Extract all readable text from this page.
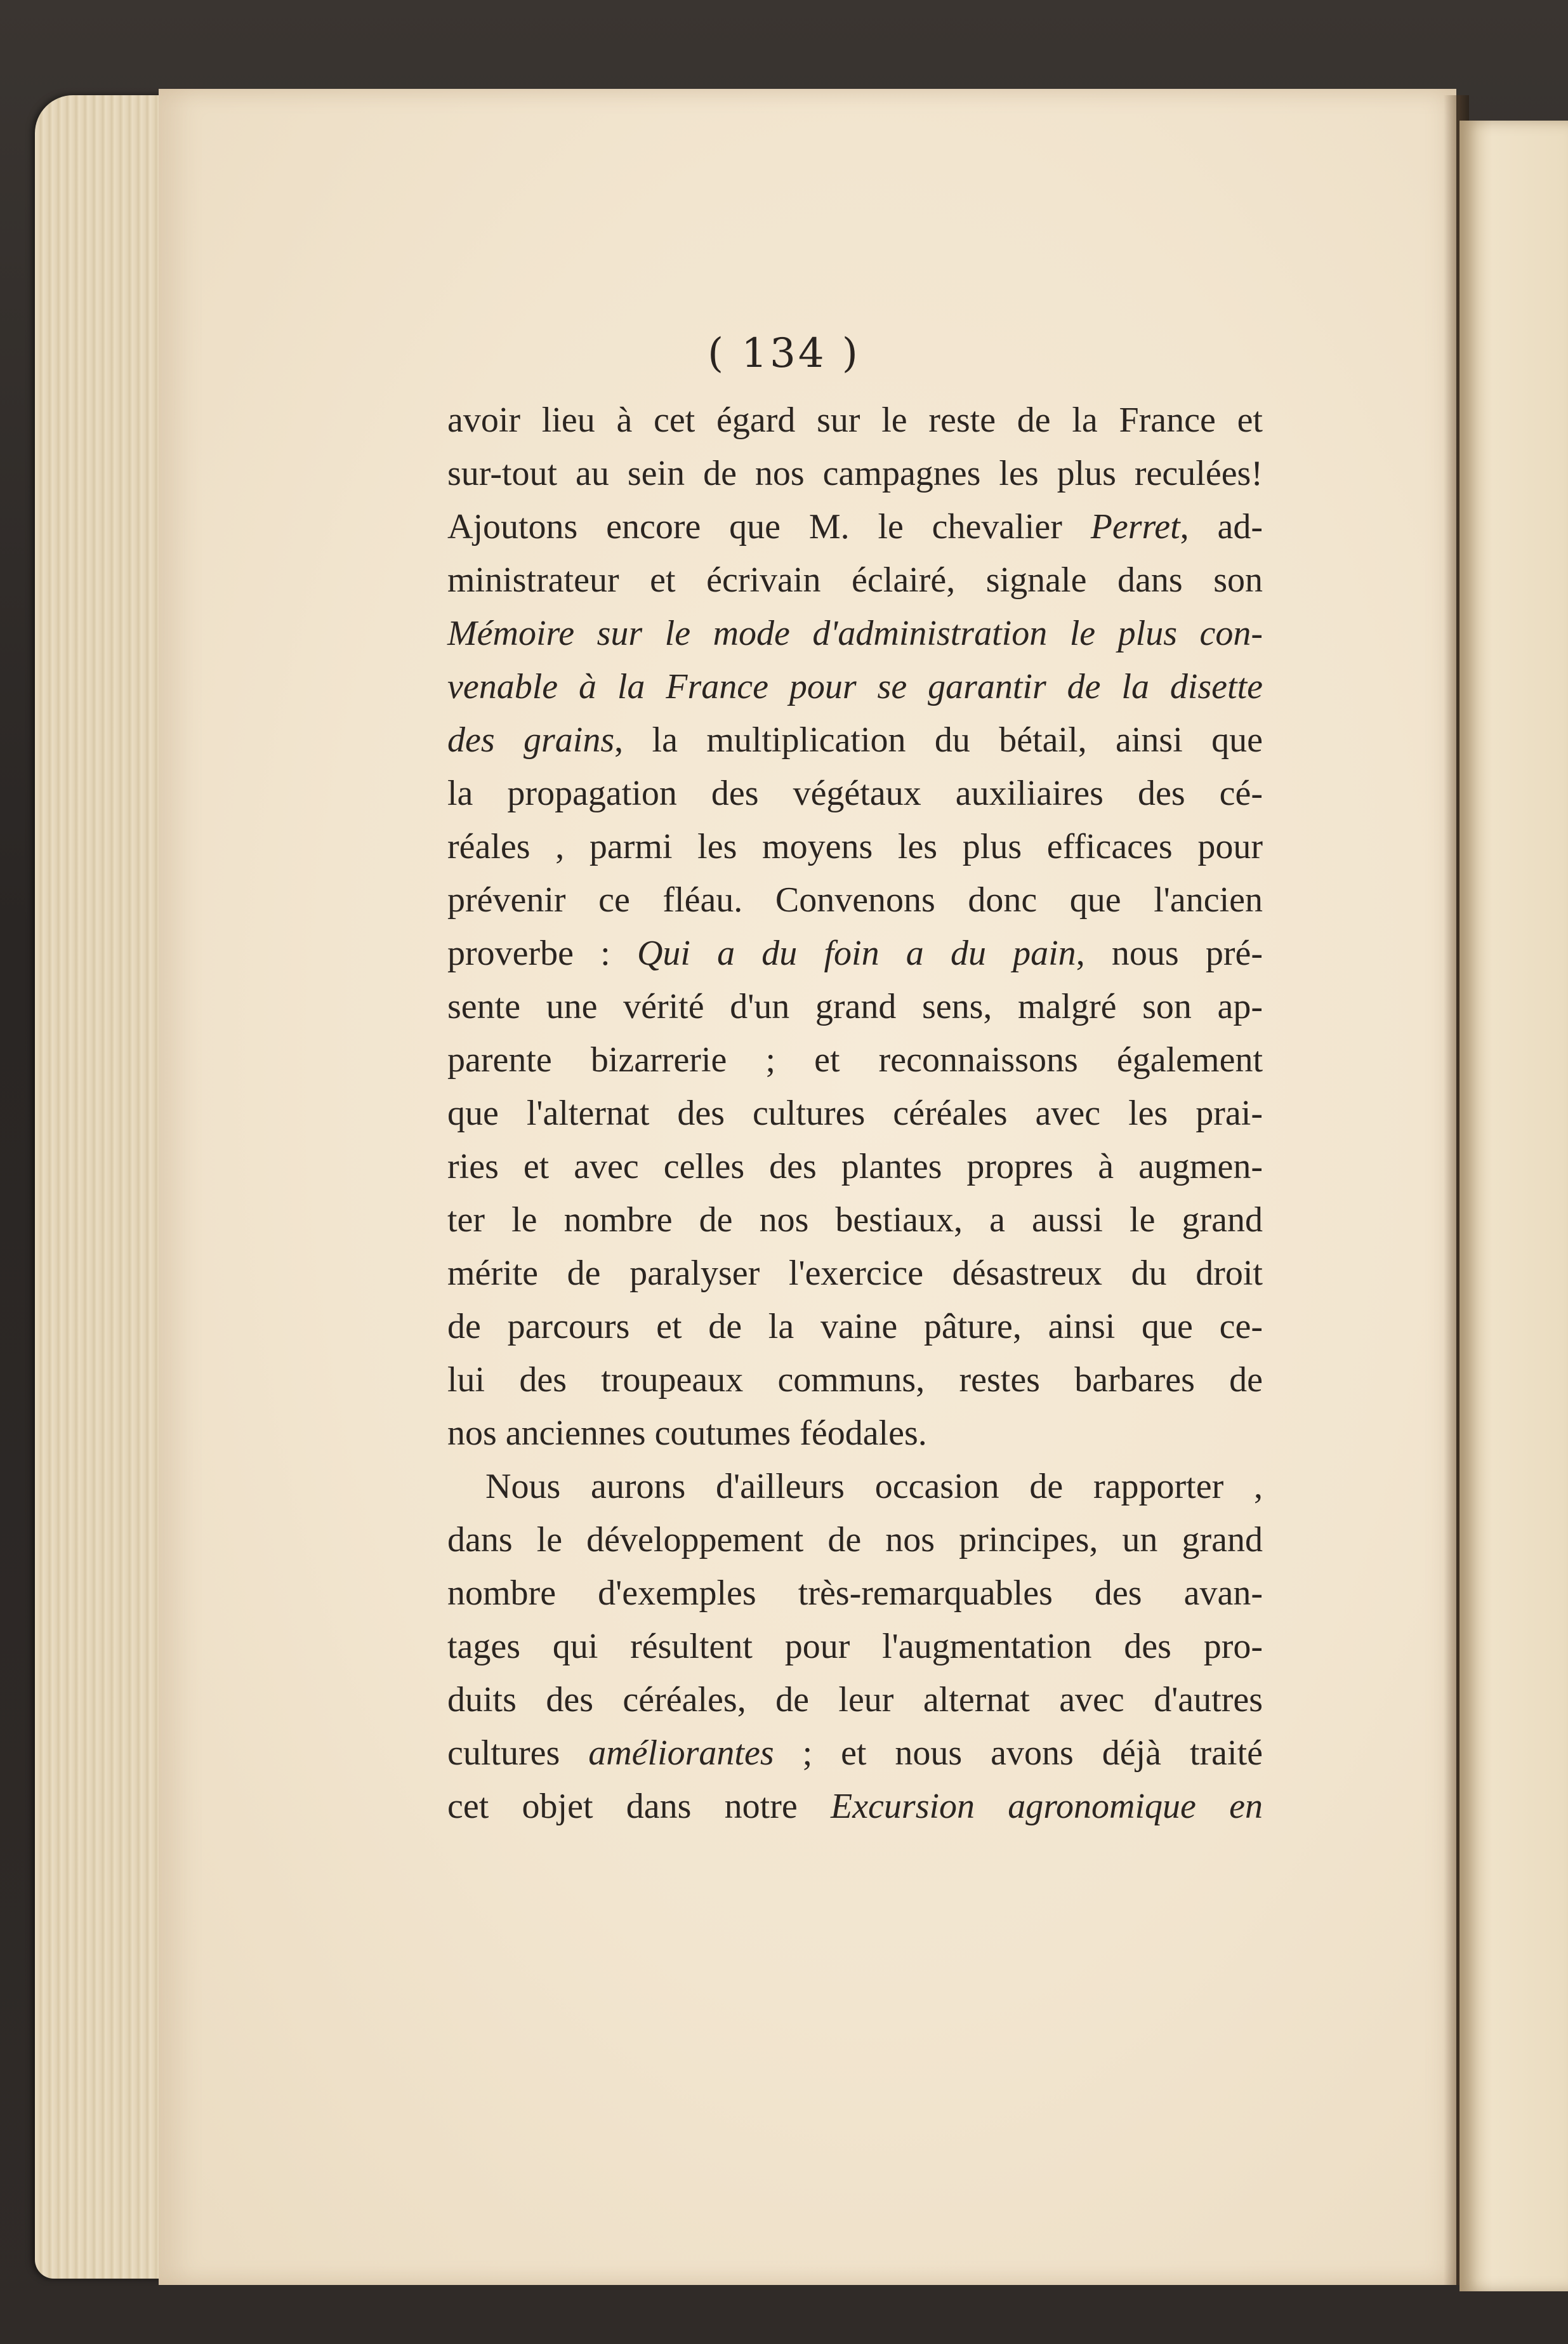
( 134 )
avoir lieu à cet égard sur le reste de la France et
sur-tout au sein de nos campagnes les plus reculées!
Ajoutons encore que M. le chevalier Perret, ad-
ministrateur et écrivain éclairé, signale dans son
Mémoire sur le mode d'administration le plus con-
venable à la France pour se garantir de la disette
des grains, la multiplication du bétail, ainsi que
la propagation des végétaux auxiliaires des cé-
réales , parmi les moyens les plus efficaces pour
prévenir ce fléau. Convenons donc que l'ancien
proverbe : Qui a du foin a du pain, nous pré-
sente une vérité d'un grand sens, malgré son ap-
parente bizarrerie ; et reconnaissons également
que l'alternat des cultures céréales avec les prai-
ries et avec celles des plantes propres à augmen-
ter le nombre de nos bestiaux, a aussi le grand
mérite de paralyser l'exercice désastreux du droit
de parcours et de la vaine pâture, ainsi que ce-
lui des troupeaux communs, restes barbares de
nos anciennes coutumes féodales.
Nous aurons d'ailleurs occasion de rapporter ,
dans le développement de nos principes, un grand
nombre d'exemples très-remarquables des avan-
tages qui résultent pour l'augmentation des pro-
duits des céréales, de leur alternat avec d'autres
cultures améliorantes ; et nous avons déjà traité
cet objet dans notre Excursion agronomique en
